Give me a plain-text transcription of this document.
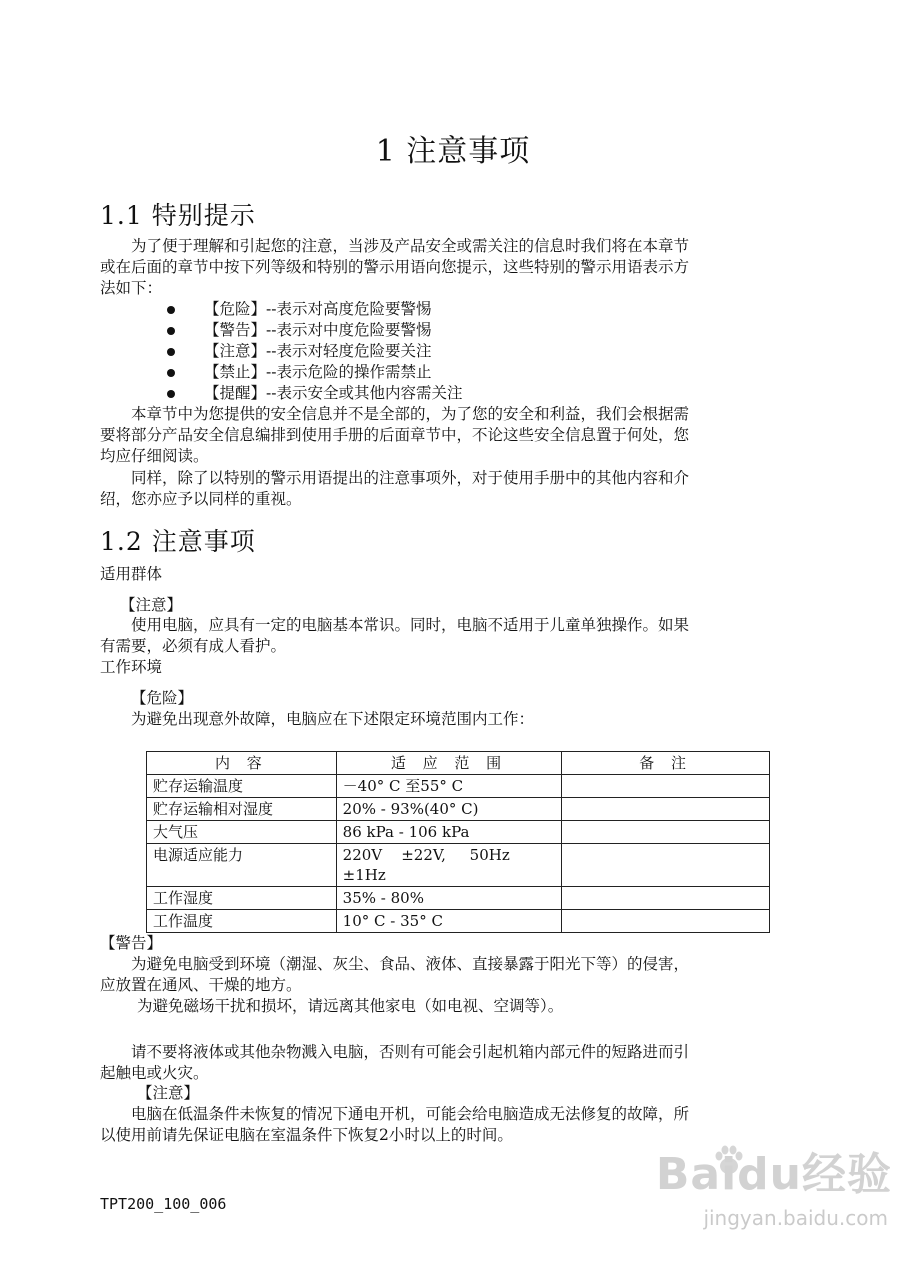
1 注意事项
1.1 特别提示
为了便于理解和引起您的注意，当涉及产品安全或需关注的信息时我们将在本章节
或在后面的章节中按下列等级和特别的警示用语向您提示，这些特别的警示用语表示方
法如下：
【危险】--表示对高度危险要警惕
【警告】--表示对中度危险要警惕
【注意】--表示对轻度危险要关注
【禁止】--表示危险的操作需禁止
【提醒】--表示安全或其他内容需关注
本章节中为您提供的安全信息并不是全部的，为了您的安全和利益，我们会根据需
要将部分产品安全信息编排到使用手册的后面章节中，不论这些安全信息置于何处，您
均应仔细阅读。
同样，除了以特别的警示用语提出的注意事项外，对于使用手册中的其他内容和介
绍，您亦应予以同样的重视。
1.2 注意事项
适用群体
【注意】
使用电脑，应具有一定的电脑基本常识。同时，电脑不适用于儿童单独操作。如果
有需要，必须有成人看护。
工作环境
【危险】
为避免出现意外故障，电脑应在下述限定环境范围内工作：
内 容	适 应 范 围	备 注
贮存运输温度	－40° C 至55° C	
贮存运输相对湿度	20% - 93%(40° C)	
大气压	86 kPa - 106 kPa	
电源适应能力	220V    ±22V,     50Hz ±1Hz	
工作湿度	35% - 80%	
工作温度	10° C - 35° C	
【警告】
为避免电脑受到环境（潮湿、灰尘、食品、液体、直接暴露于阳光下等）的侵害，
应放置在通风、干燥的地方。
为避免磁场干扰和损坏，请远离其他家电（如电视、空调等）。
请不要将液体或其他杂物溅入电脑，否则有可能会引起机箱内部元件的短路进而引
起触电或火灾。
【注意】
电脑在低温条件未恢复的情况下通电开机，可能会给电脑造成无法修复的故障，所
以使用前请先保证电脑在室温条件下恢复2小时以上的时间。
TPT200_100_006
Baidu经验
jingyan.baidu.com
